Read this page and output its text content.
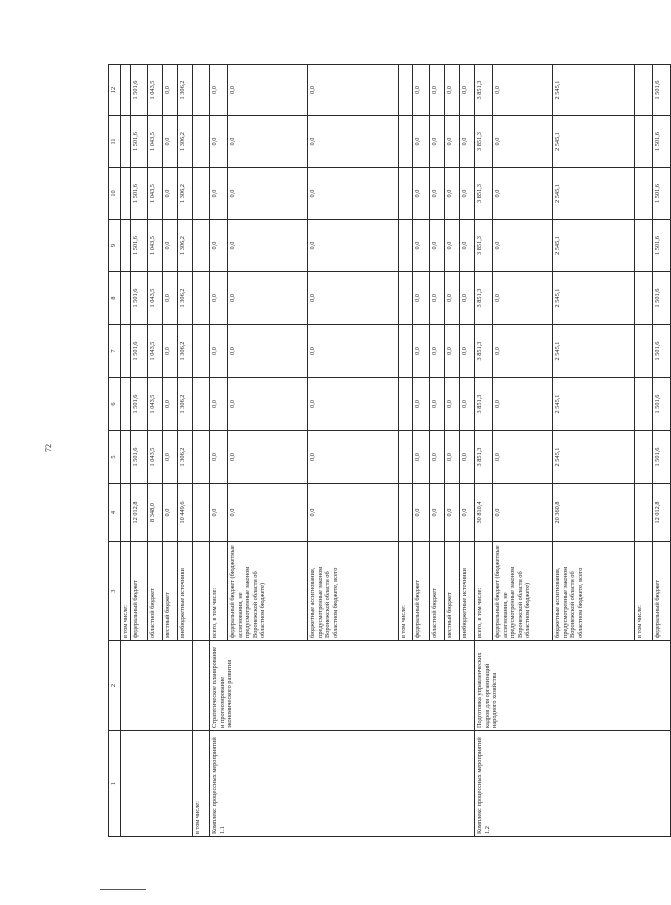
72
1	2	3	4	5	6	7	8	9	10	11	12
		в том числе:									
		федеральный бюджет	12 012,8	1 501,6	1 501,6	1 501,6	1 501,6	1 501,6	1 501,6	1 501,6	1 501,6
		областной бюджет	8 348,0	1 043,5	1 043,5	1 043,5	1 043,5	1 043,5	1 043,5	1 043,5	1 043,5
		местный бюджет	0,0	0,0	0,0	0,0	0,0	0,0	0,0	0,0	0,0
		внебюджетные источники	10 449,6	1 306,2	1 306,2	1 306,2	1 306,2	1 306,2	1 306,2	1 306,2	1 306,2
в том числе:											
Комплекс процессных мероприятий 1.1	Стратегическое планирование и прогнозирование экономического развития	всего, в том числе:	0,0	0,0	0,0	0,0	0,0	0,0	0,0	0,0	0,0
		федеральный бюджет (бюджетные ассигнования, не предусмотренные законом Воронежской области об областном бюджете)	0,0	0,0	0,0	0,0	0,0	0,0	0,0	0,0	0,0
		бюджетные ассигнования, предусмотренные законом Воронежской области об областном бюджете, всего	0,0	0,0	0,0	0,0	0,0	0,0	0,0	0,0	0,0
		в том числе:									
		федеральный бюджет	0,0	0,0	0,0	0,0	0,0	0,0	0,0	0,0	0,0
		областной бюджет	0,0	0,0	0,0	0,0	0,0	0,0	0,0	0,0	0,0
		местный бюджет	0,0	0,0	0,0	0,0	0,0	0,0	0,0	0,0	0,0
		внебюджетные источники	0,0	0,0	0,0	0,0	0,0	0,0	0,0	0,0	0,0
Комплекс процессных мероприятий 1.2	Подготовка управленческих кадров для организаций народного хозяйства	всего, в том числе:	30 810,4	3 851,3	3 851,3	3 851,3	3 851,3	3 851,3	3 851,3	3 851,3	3 851,3
		федеральный бюджет (бюджетные ассигнования, не предусмотренные законом Воронежской области об областном бюджете)	0,0	0,0	0,0	0,0	0,0	0,0	0,0	0,0	0,0
		бюджетные ассигнования, предусмотренные законом Воронежской области об областном бюджете, всего	20 360,8	2 545,1	2 545,1	2 545,1	2 545,1	2 545,1	2 545,1	2 545,1	2 545,1
		в том числе:									
		федеральный бюджет	12 012,8	1 501,6	1 501,6	1 501,6	1 501,6	1 501,6	1 501,6	1 501,6	1 501,6
